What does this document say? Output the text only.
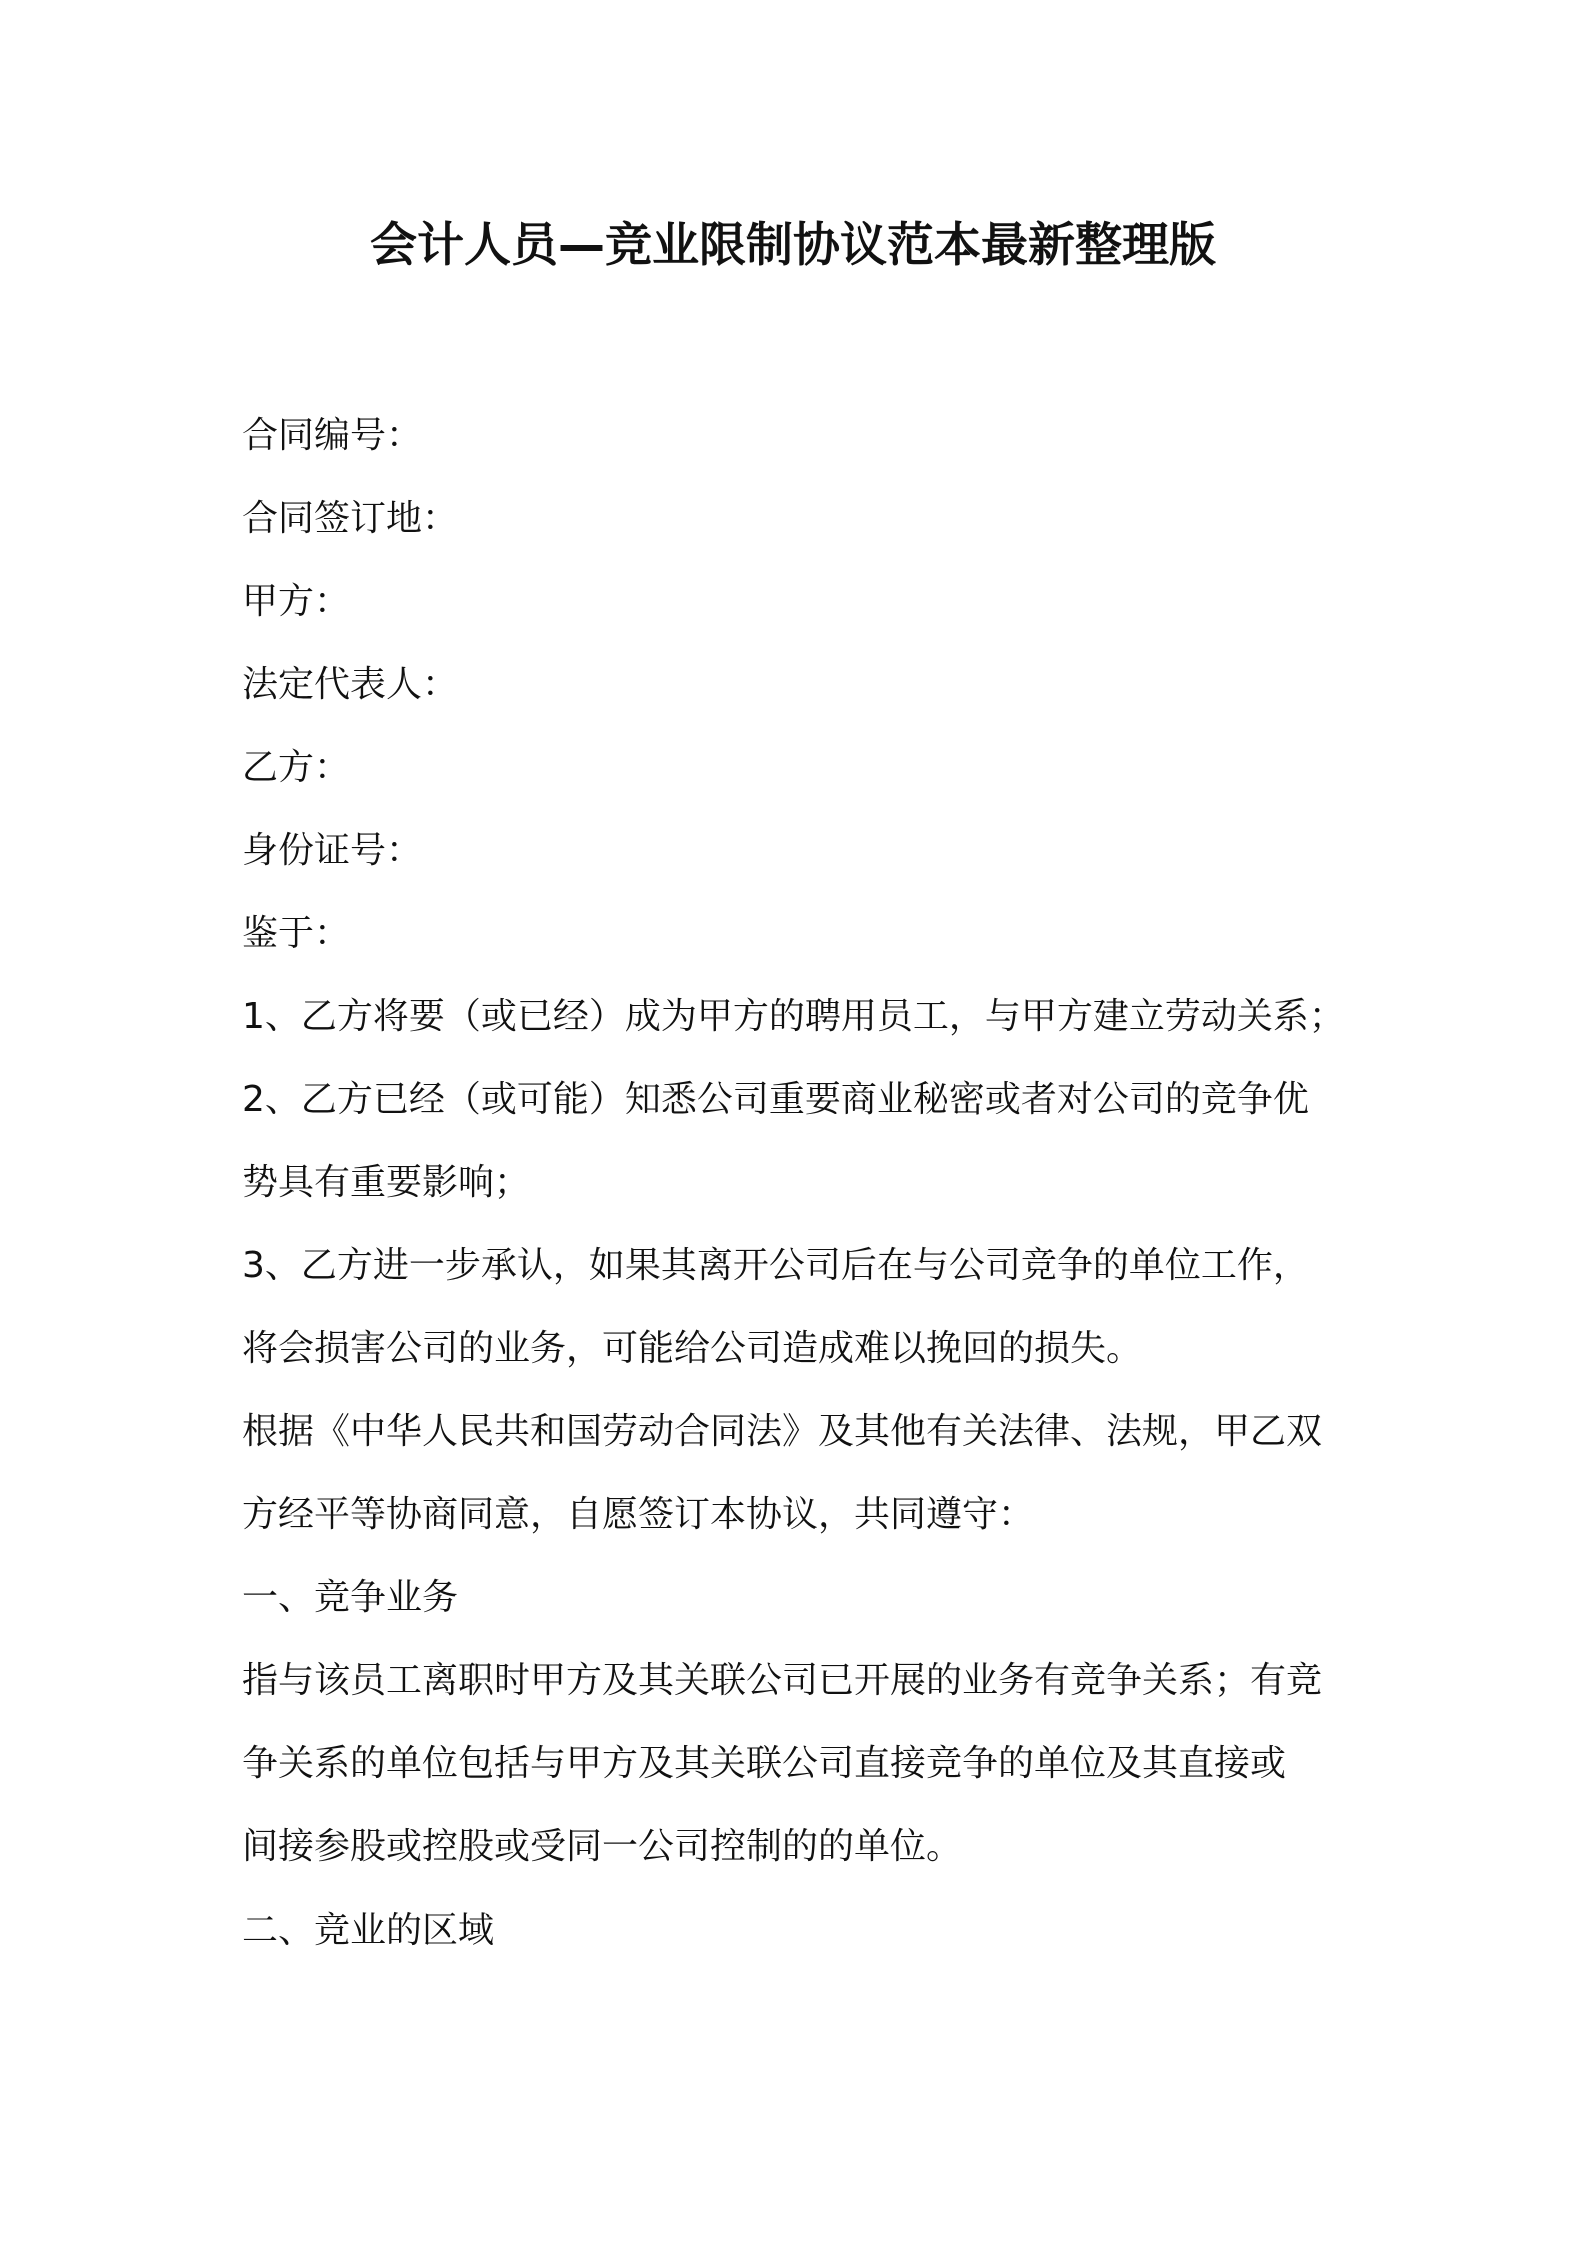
会计人员—竞业限制协议范本最新整理版
合同编号：
合同签订地：
甲方：
法定代表人：
乙方：
身份证号：
鉴于：
1、乙方将要（或已经）成为甲方的聘用员工，与甲方建立劳动关系；
2、乙方已经（或可能）知悉公司重要商业秘密或者对公司的竞争优
势具有重要影响；
3、乙方进一步承认，如果其离开公司后在与公司竞争的单位工作，
将会损害公司的业务，可能给公司造成难以挽回的损失。
根据《中华人民共和国劳动合同法》及其他有关法律、法规，甲乙双
方经平等协商同意，自愿签订本协议，共同遵守：
一、竞争业务
指与该员工离职时甲方及其关联公司已开展的业务有竞争关系；有竞
争关系的单位包括与甲方及其关联公司直接竞争的单位及其直接或
间接参股或控股或受同一公司控制的的单位。
二、竞业的区域
